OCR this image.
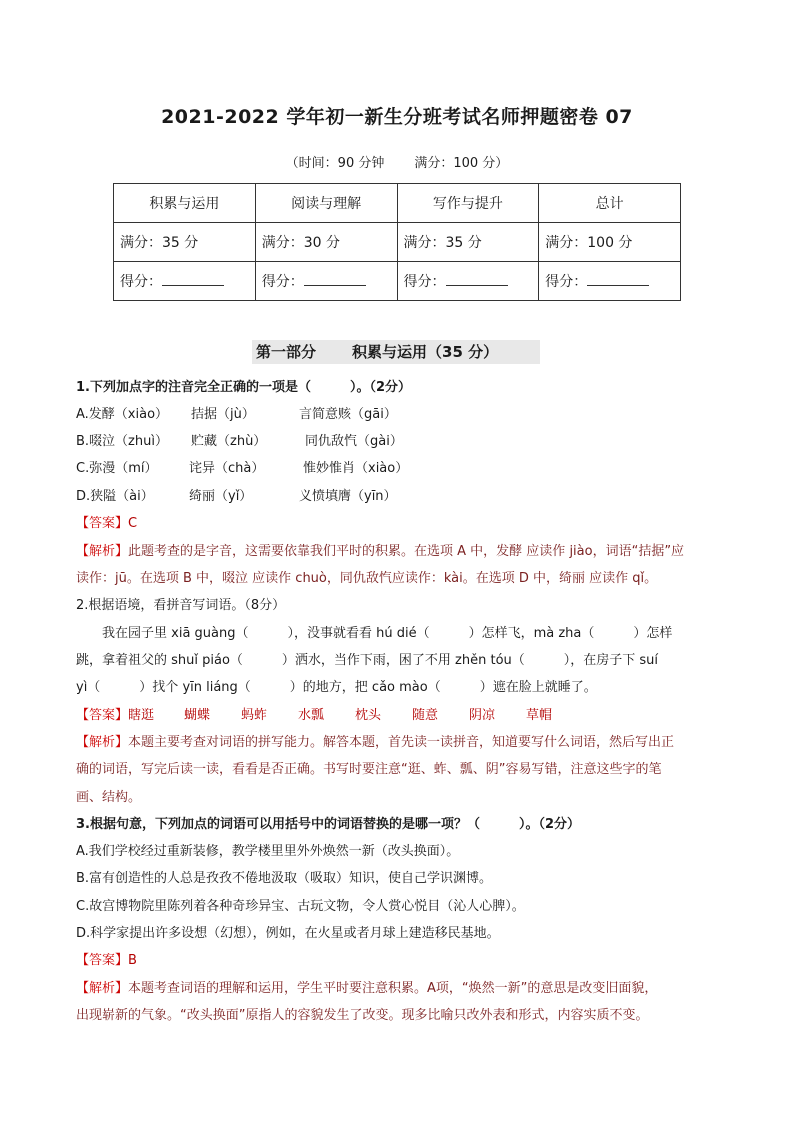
2021-2022 学年初一新生分班考试名师押题密卷 07
（时间：90 分钟 满分：100 分）
积累与运用	阅读与理解	写作与提升	总计
满分：35 分	满分：30 分	满分：35 分	满分：100 分
得分：	得分：	得分：	得分：
第一部分 积累与运用（35 分）
1.下列加点字的注音完全正确的一项是（　　　）。（2分）
A.发酵（xiào） 拮据（jù）	言简意赅（gāi）
B.啜泣（zhuì） 贮藏（zhù）	同仇敌忾（gài）
C.弥漫（mí） 诧异（chà）	惟妙惟肖（xiào）
D.狭隘（ài）	绮丽（yǐ）	义愤填膺（yīn）
【答案】C
【解析】此题考查的是字音，这需要依靠我们平时的积累。在选项 A 中，发酵 应读作 jiào，词语“拮据”应
读作：jū。在选项 B 中，啜泣 应读作 chuò，同仇敌忾应读作：kài。在选项 D 中，绮丽 应读作 qǐ。
2.根据语境，看拼音写词语。（8分）
　　我在园子里 xiā guàng（　　　），没事就看看 hú dié（　　　）怎样飞，mà zha（　　　）怎样
跳，拿着祖父的 shuǐ piáo（　　　）洒水，当作下雨，困了不用 zhěn tóu（　　　），在房子下 suí
yì（　　　）找个 yīn liáng（　　　）的地方，把 cǎo mào（　　　）遮在脸上就睡了。
【答案】瞎逛 蝴蝶 蚂蚱 水瓢 枕头 随意 阴凉 草帽
【解析】本题主要考查对词语的拼写能力。解答本题，首先读一读拼音，知道要写什么词语，然后写出正
确的词语，写完后读一读，看看是否正确。书写时要注意“逛、蚱、瓢、阴”容易写错，注意这些字的笔
画、结构。
3.根据句意，下列加点的词语可以用括号中的词语替换的是哪一项？（　　　）。（2分）
A.我们学校经过重新装修，教学楼里里外外焕然一新（改头换面）。
B.富有创造性的人总是孜孜不倦地汲取（吸取）知识，使自己学识渊博。
C.故宫博物院里陈列着各种奇珍异宝、古玩文物，令人赏心悦目（沁人心脾）。
D.科学家提出许多设想（幻想），例如，在火星或者月球上建造移民基地。
【答案】B
【解析】本题考查词语的理解和运用，学生平时要注意积累。A项，“焕然一新”的意思是改变旧面貌，
出现崭新的气象。“改头换面”原指人的容貌发生了改变。现多比喻只改外表和形式，内容实质不变。
